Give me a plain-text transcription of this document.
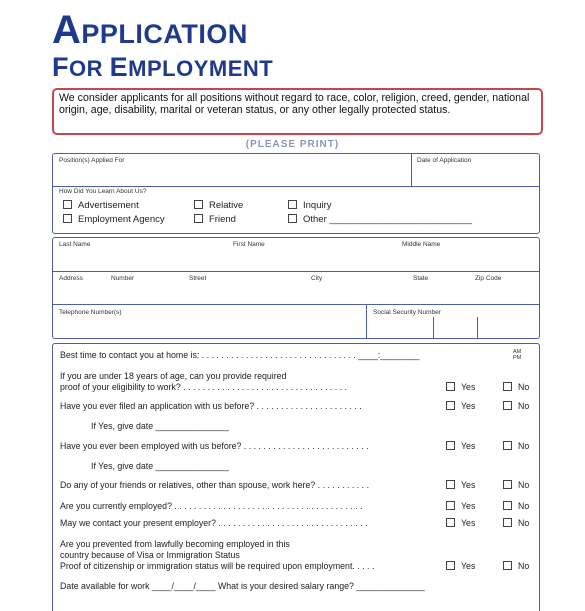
APPLICATION
FOR EMPLOYMENT
We consider applicants for all positions without regard to race, color, religion, creed, gender, national origin, age, disability, marital or veteran status, or any other legally protected status.
(PLEASE PRINT)
Position(s) Applied For	Date of Application
How Did You Learn About Us?
Advertisement
Employment Agency
Relative
Friend
Inquiry
Other ___________________________
Last Name	First Name	Middle Name
Address	Number	Street	City	State	Zip Code
Telephone Number(s)	Social Security Number
Best time to contact you at home is: . . . . . . . . . . . . . . . . . . . . . . . . . . . . . . . . ____:________	AM
PM
If you are under 18 years of age, can you provide required
proof of your eligibility to work? . . . . . . . . . . . . . . . . . . . . . . . . . . . . . . . . . .	Yes	No
Have you ever filed an application with us before? . . . . . . . . . . . . . . . . . . . . . .	Yes	No
If Yes, give date _______________
Have you ever been employed with us before? . . . . . . . . . . . . . . . . . . . . . . . . . .	Yes	No
If Yes, give date _______________
Do any of your friends or relatives, other than spouse, work here? . . . . . . . . . . .	Yes	No
Are you currently employed? . . . . . . . . . . . . . . . . . . . . . . . . . . . . . . . . . . . . . . .	Yes	No
May we contact your present employer? . . . . . . . . . . . . . . . . . . . . . . . . . . . . . . .	Yes	No
Are you prevented from lawfully becoming employed in this
country because of Visa or Immigration Status
Proof of citizenship or immigration status will be required upon employment. . . . .	Yes	No
Date available for work ____/____/____ What is your desired salary range? ______________
